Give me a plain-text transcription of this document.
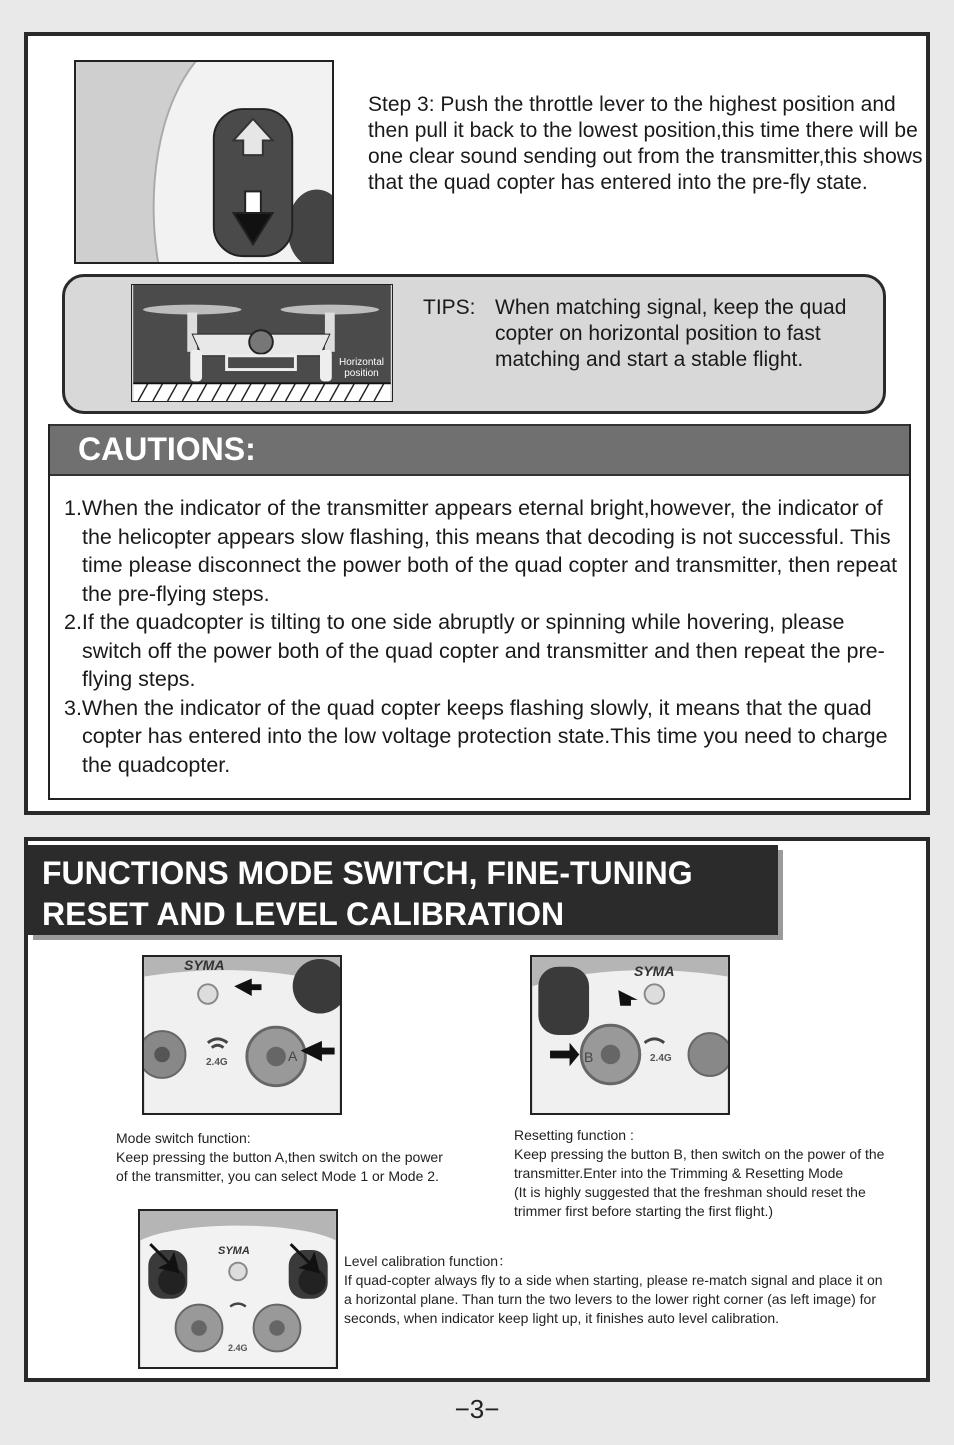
Step 3: Push the throttle lever to the highest position and then pull it back to the lowest position,this time there will be one clear sound sending out from the transmitter,this shows that the quad copter has entered into the pre-fly state.
Horizontal
position
TIPS: When matching signal, keep the quad copter on horizontal position to fast matching and start a stable flight.
CAUTIONS:
1.When the indicator of the transmitter appears eternal bright,however, the indicator of the helicopter appears slow flashing, this means that decoding is not successful. This time please disconnect the power both of the quad copter and transmitter, then repeat the pre-flying steps.
2.If the quadcopter is tilting to one side abruptly or spinning while hovering, please switch off the power both of the quad copter and transmitter and then repeat the pre-flying steps.
3.When the indicator of the quad copter keeps flashing slowly, it means that the quad copter has entered into the low voltage protection state.This time you need to charge the quadcopter.
FUNCTIONS MODE SWITCH, FINE-TUNING
RESET AND LEVEL CALIBRATION
SYMA
2.4G	A
SYMA
2.4G
B
Mode switch function:
Keep pressing the button A,then switch on the power
of the transmitter, you can select Mode 1 or Mode 2.
Resetting function :
Keep pressing the button B, then switch on the power of the
transmitter.Enter into the Trimming & Resetting Mode
(It is highly suggested that the freshman should reset the
trimmer first before starting the first flight.)
SYMA
2.4G
Level calibration function：
If quad-copter always fly to a side when starting, please re-match signal and place it on
a horizontal plane. Than turn the two levers to the lower right corner (as left image) for
seconds, when indicator keep light up, it finishes auto level calibration.
−3−
